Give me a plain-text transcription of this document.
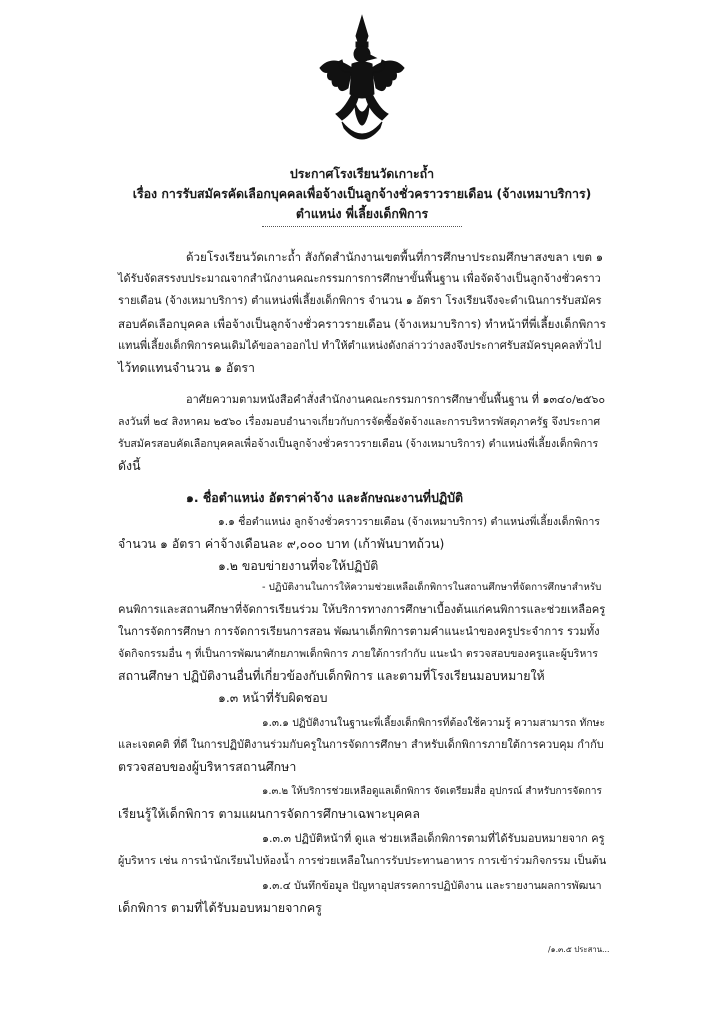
ประกาศโรงเรียนวัดเกาะถ้ำ
เรื่อง การรับสมัครคัดเลือกบุคคลเพื่อจ้างเป็นลูกจ้างชั่วคราวรายเดือน (จ้างเหมาบริการ)
ตำแหน่ง พี่เลี้ยงเด็กพิการ
ด้วยโรงเรียนวัดเกาะถ้ำ สังกัดสำนักงานเขตพื้นที่การศึกษาประถมศึกษาสงขลา เขต ๑
ได้รับจัดสรรงบประมาณจากสำนักงานคณะกรรมการการศึกษาขั้นพื้นฐาน เพื่อจัดจ้างเป็นลูกจ้างชั่วคราว
รายเดือน (จ้างเหมาบริการ) ตำแหน่งพี่เลี้ยงเด็กพิการ จำนวน ๑ อัตรา โรงเรียนจึงจะดำเนินการรับสมัคร
สอบคัดเลือกบุคคล เพื่อจ้างเป็นลูกจ้างชั่วคราวรายเดือน (จ้างเหมาบริการ) ทำหน้าที่พี่เลี้ยงเด็กพิการ
แทนพี่เลี้ยงเด็กพิการคนเดิมได้ขอลาออกไป ทำให้ตำแหน่งดังกล่าวว่างลงจึงประกาศรับสมัครบุคคลทั่วไป
ไว้ทดแทนจำนวน ๑ อัตรา
อาศัยความตามหนังสือคำสั่งสำนักงานคณะกรรมการการศึกษาขั้นพื้นฐาน ที่ ๑๓๔๐/๒๕๖๐
ลงวันที่ ๒๔ สิงหาคม ๒๕๖๐ เรื่องมอบอำนาจเกี่ยวกับการจัดซื้อจัดจ้างและการบริหารพัสดุภาครัฐ จึงประกาศ
รับสมัครสอบคัดเลือกบุคคลเพื่อจ้างเป็นลูกจ้างชั่วคราวรายเดือน (จ้างเหมาบริการ) ตำแหน่งพี่เลี้ยงเด็กพิการ
ดังนี้
๑. ชื่อตำแหน่ง อัตราค่าจ้าง และลักษณะงานที่ปฏิบัติ
๑.๑ ชื่อตำแหน่ง ลูกจ้างชั่วคราวรายเดือน (จ้างเหมาบริการ) ตำแหน่งพี่เลี้ยงเด็กพิการ
จำนวน ๑ อัตรา ค่าจ้างเดือนละ ๙,๐๐๐ บาท (เก้าพันบาทถ้วน)
๑.๒ ขอบข่ายงานที่จะให้ปฏิบัติ
- ปฏิบัติงานในการให้ความช่วยเหลือเด็กพิการในสถานศึกษาที่จัดการศึกษาสำหรับ
คนพิการและสถานศึกษาที่จัดการเรียนร่วม ให้บริการทางการศึกษาเบื้องต้นแก่คนพิการและช่วยเหลือครู
ในการจัดการศึกษา การจัดการเรียนการสอน พัฒนาเด็กพิการตามคำแนะนำของครูประจำการ รวมทั้ง
จัดกิจกรรมอื่น ๆ ที่เป็นการพัฒนาศักยภาพเด็กพิการ ภายใต้การกำกับ แนะนำ ตรวจสอบของครูและผู้บริหาร
สถานศึกษา ปฏิบัติงานอื่นที่เกี่ยวข้องกับเด็กพิการ และตามที่โรงเรียนมอบหมายให้
๑.๓ หน้าที่รับผิดชอบ
๑.๓.๑ ปฏิบัติงานในฐานะพี่เลี้ยงเด็กพิการที่ต้องใช้ความรู้ ความสามารถ ทักษะ
และเจตคติ ที่ดี ในการปฏิบัติงานร่วมกับครูในการจัดการศึกษา สำหรับเด็กพิการภายใต้การควบคุม กำกับ
ตรวจสอบของผู้บริหารสถานศึกษา
๑.๓.๒ ให้บริการช่วยเหลือดูแลเด็กพิการ จัดเตรียมสื่อ อุปกรณ์ สำหรับการจัดการ
เรียนรู้ให้เด็กพิการ ตามแผนการจัดการศึกษาเฉพาะบุคคล
๑.๓.๓ ปฏิบัติหน้าที่ ดูแล ช่วยเหลือเด็กพิการตามที่ได้รับมอบหมายจาก ครู
ผู้บริหาร เช่น การนำนักเรียนไปห้องน้ำ การช่วยเหลือในการรับประทานอาหาร การเข้าร่วมกิจกรรม เป็นต้น
๑.๓.๔ บันทึกข้อมูล ปัญหาอุปสรรคการปฏิบัติงาน และรายงานผลการพัฒนา
เด็กพิการ ตามที่ได้รับมอบหมายจากครู
/๑.๓.๕ ประสาน...
